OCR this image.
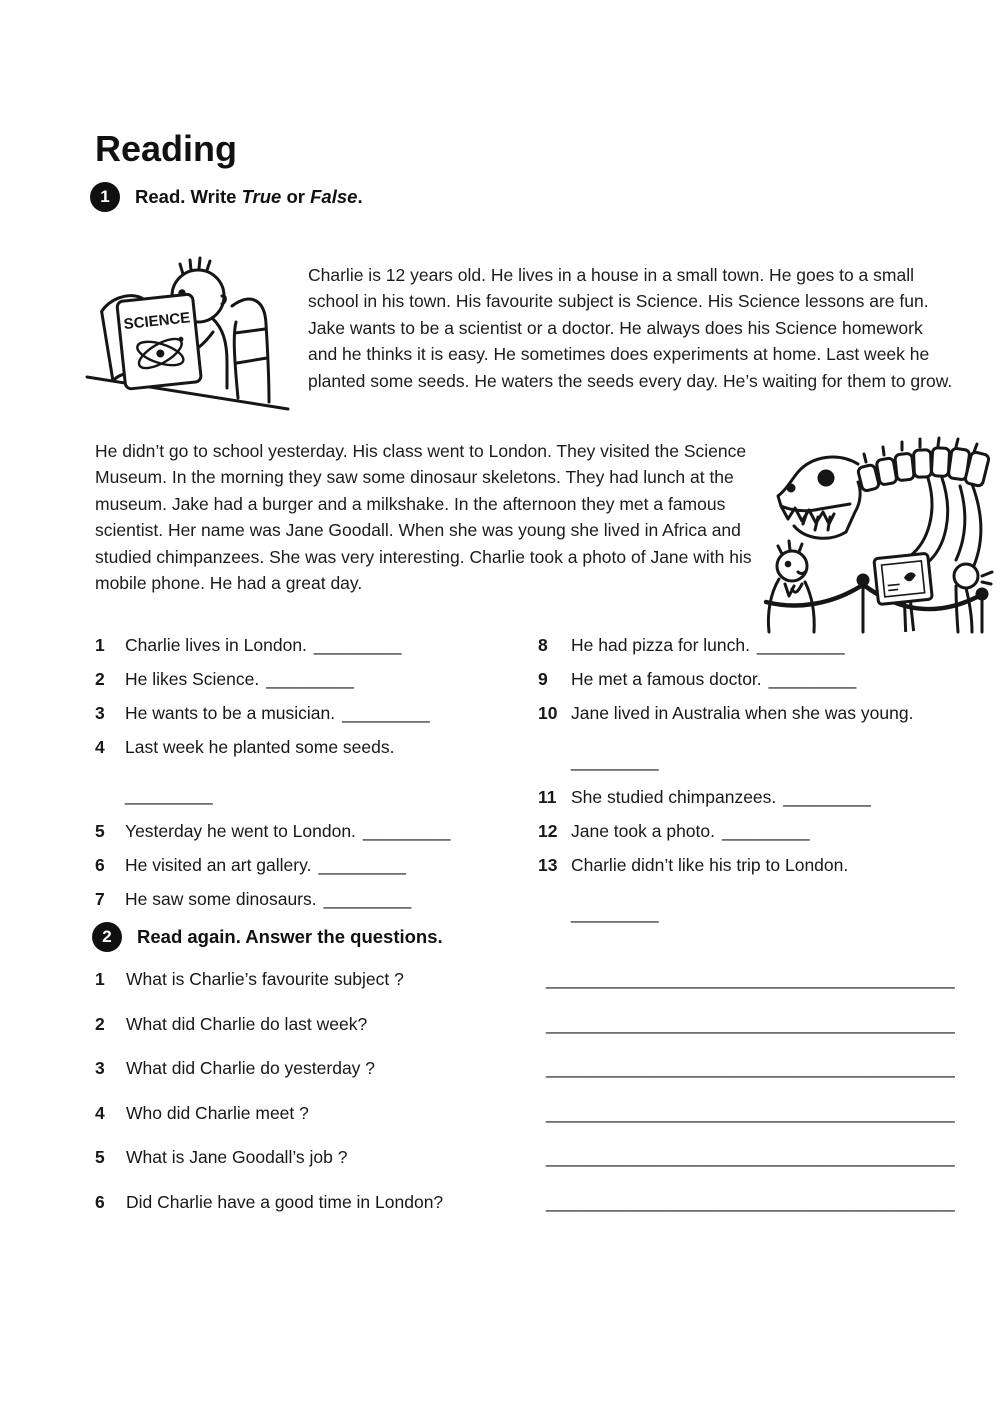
Reading
1	Read. Write True or False.
SCIENCE

Charlie is 12 years old. He lives in a house in a small town. He goes to a small school in his town. His favourite subject is Science. His Science lessons are fun. Jake wants to be a scientist or a doctor. He always does his Science homework and he thinks it is easy. He sometimes does experiments at home. Last week he planted some seeds. He waters the seeds every day. He’s waiting for them to grow.

He didn’t go to school yesterday. His class went to London. They visited the Science Museum. In the morning they saw some dinosaur skeletons. They had lunch at the museum. Jake had a burger and a milkshake. In the afternoon they met a famous scientist. Her name was Jane Goodall. When she was young she lived in Africa and studied chimpanzees. She was very interesting. Charlie took a photo of Jane with his mobile phone. He had a great day.

1	Charlie lives in London. _________
2	He likes Science. _________
3	He wants to be a musician. _________
4	Last week he planted some seeds.
_________
5	Yesterday he went to London. _________
6	He visited an art gallery. _________
7	He saw some dinosaurs. _________
8	He had pizza for lunch. _________
9	He met a famous doctor. _________
10 Jane lived in Australia when she was young.
_________
11 She studied chimpanzees. _________
12 Jane took a photo. _________
13 Charlie didn’t like his trip to London.
_________
2	Read again. Answer the questions.
1	What is Charlie’s favourite subject ?	__________________________________________
2	What did Charlie do last week?	__________________________________________
3	What did Charlie do yesterday ?	__________________________________________
4	Who did Charlie meet ?	__________________________________________
5	What is Jane Goodall’s job ?	__________________________________________
6	Did Charlie have a good time in London?	__________________________________________
